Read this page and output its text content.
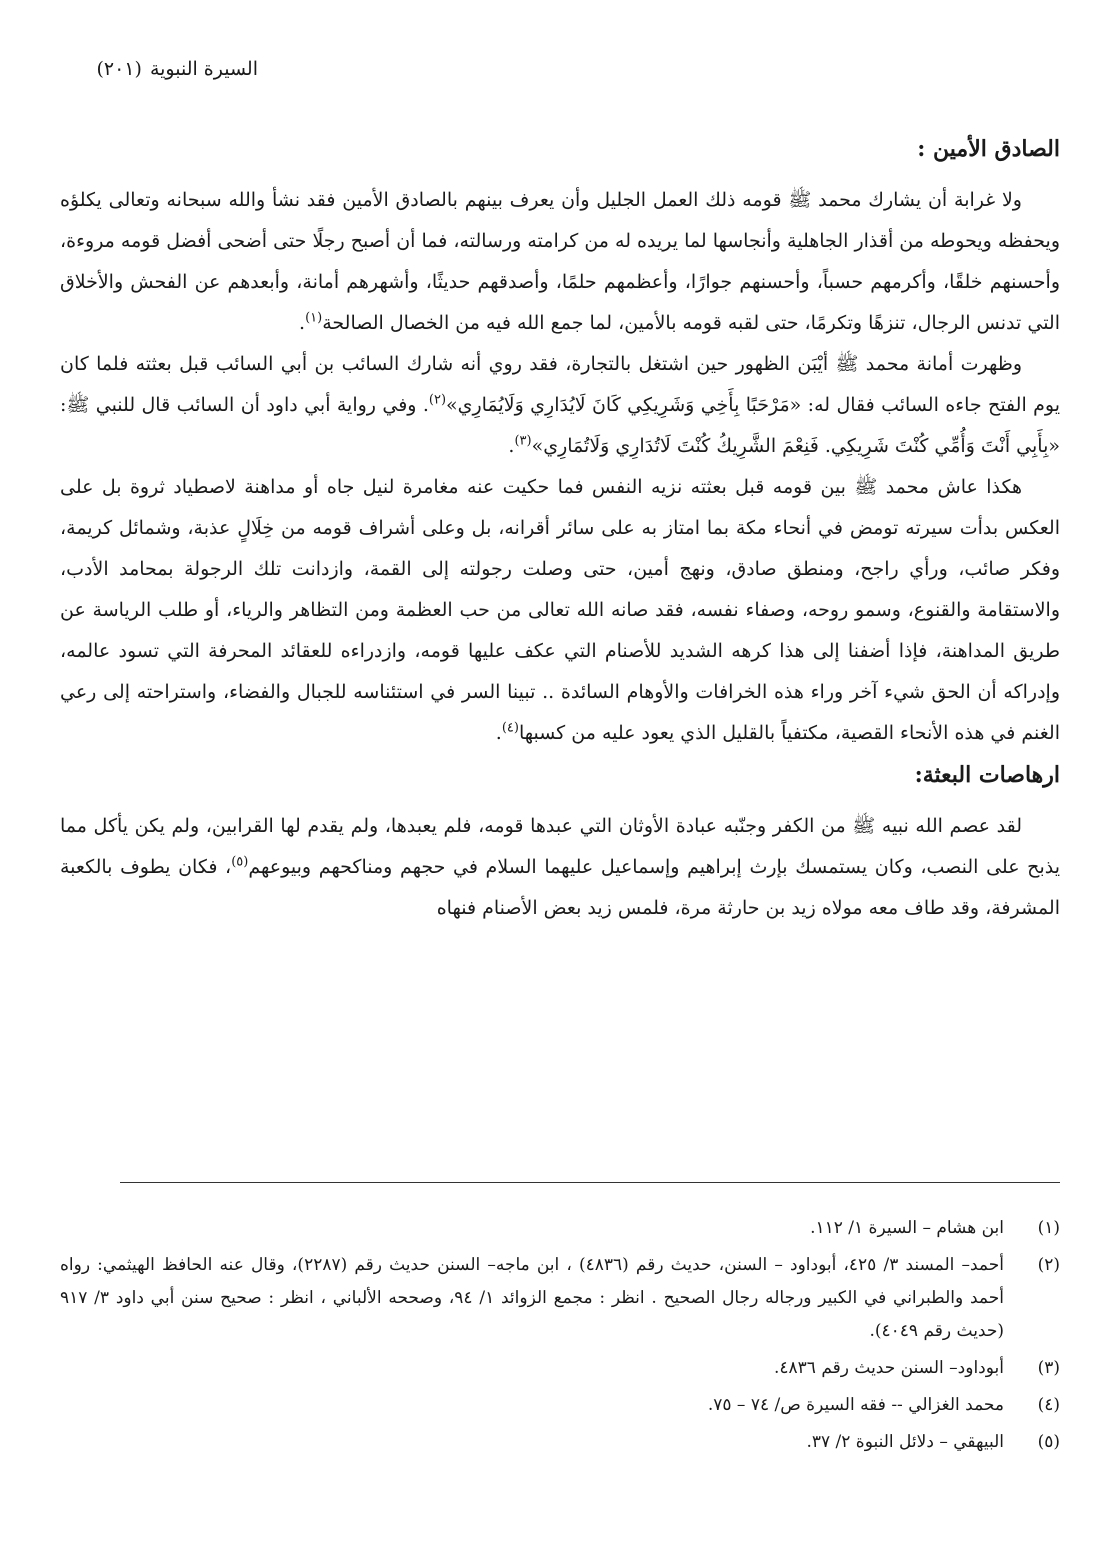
السيرة النبوية(٢٠١)
الصادق الأمين :

ولا غرابة أن يشارك محمد ﷺ قومه ذلك العمل الجليل وأن يعرف بينهم بالصادق الأمين فقد نشأ والله سبحانه وتعالى يكلؤه ويحفظه ويحوطه من أقذار الجاهلية وأنجاسها لما يريده له من كرامته ورسالته، فما أن أصبح رجلًا حتى أضحى أفضل قومه مروءة، وأحسنهم خلقًا، وأكرمهم حسباً، وأحسنهم جوارًا، وأعظمهم حلمًا، وأصدقهم حديثًا، وأشهرهم أمانة، وأبعدهم عن الفحش والأخلاق التي تدنس الرجال، تنزهًا وتكرمًا، حتى لقبه قومه بالأمين، لما جمع الله فيه من الخصال الصالحة$^{(١)}$.

وظهرت أمانة محمد ﷺ أيْبَن الظهور حين اشتغل بالتجارة، فقد روي أنه شارك السائب بن أبي السائب قبل بعثته فلما كان يوم الفتح جاءه السائب فقال له: «مَرْحَبًا بِأَخِي وَشَرِيكِي كَانَ لَايُدَارِي وَلَايُمَارِي»$^{(٢)}$. وفي رواية أبي داود أن السائب قال للنبي ﷺ: «بِأَبِي أَنْتَ وَأُمِّي كُنْتَ شَرِيكِي. فَنِعْمَ الشَّرِيكُ كُنْتَ لَاتُدَارِي وَلَاتُمَارِي»$^{(٣)}$.

هكذا عاش محمد ﷺ بين قومه قبل بعثته نزيه النفس فما حكيت عنه مغامرة لنيل جاه أو مداهنة لاصطياد ثروة بل على العكس بدأت سيرته تومض في أنحاء مكة بما امتاز به على سائر أقرانه، بل وعلى أشراف قومه من خِلَالٍ عذبة، وشمائل كريمة، وفكر صائب، ورأي راجح، ومنطق صادق، ونهج أمين، حتى وصلت رجولته إلى القمة، وازدانت تلك الرجولة بمحامد الأدب، والاستقامة والقنوع، وسمو روحه، وصفاء نفسه، فقد صانه الله تعالى من حب العظمة ومن التظاهر والرياء، أو طلب الرياسة عن طريق المداهنة، فإذا أضفنا إلى هذا كرهه الشديد للأصنام التي عكف عليها قومه، وازدراءه للعقائد المحرفة التي تسود عالمه، وإدراكه أن الحق شيء آخر وراء هذه الخرافات والأوهام السائدة .. تبينا السر في استئناسه للجبال والفضاء، واستراحته إلى رعي الغنم في هذه الأنحاء القصية، مكتفياً بالقليل الذي يعود عليه من كسبها$^{(٤)}$.

ارهاصات البعثة:

لقد عصم الله نبيه ﷺ من الكفر وجنّبه عبادة الأوثان التي عبدها قومه، فلم يعبدها، ولم يقدم لها القرابين، ولم يكن يأكل مما يذبح على النصب، وكان يستمسك بإرث إبراهيم وإسماعيل عليهما السلام في حجهم ومناكحهم وبيوعهم$^{(٥)}$، فكان يطوف بالكعبة المشرفة، وقد طاف معه مولاه زيد بن حارثة مرة، فلمس زيد بعض الأصنام فنهاه

(١)
ابن هشام – السيرة ١/ ١١٢.
(٢)
أحمد– المسند ٣/ ٤٢٥، أبوداود – السنن، حديث رقم (٤٨٣٦) ، ابن ماجه– السنن حديث رقم (٢٢٨٧)، وقال عنه الحافظ الهيثمي: رواه أحمد والطبراني في الكبير ورجاله رجال الصحيح . انظر : مجمع الزوائد ١/ ٩٤، وصححه الألباني ، انظر : صحيح سنن أبي داود ٣/ ٩١٧ (حديث رقم ٤٠٤٩).
(٣)
أبوداود– السنن حديث رقم ٤٨٣٦.
(٤)
محمد الغزالي -- فقه السيرة ص/ ٧٤ – ٧٥.
(٥)
البيهقي – دلائل النبوة ٢/ ٣٧.
